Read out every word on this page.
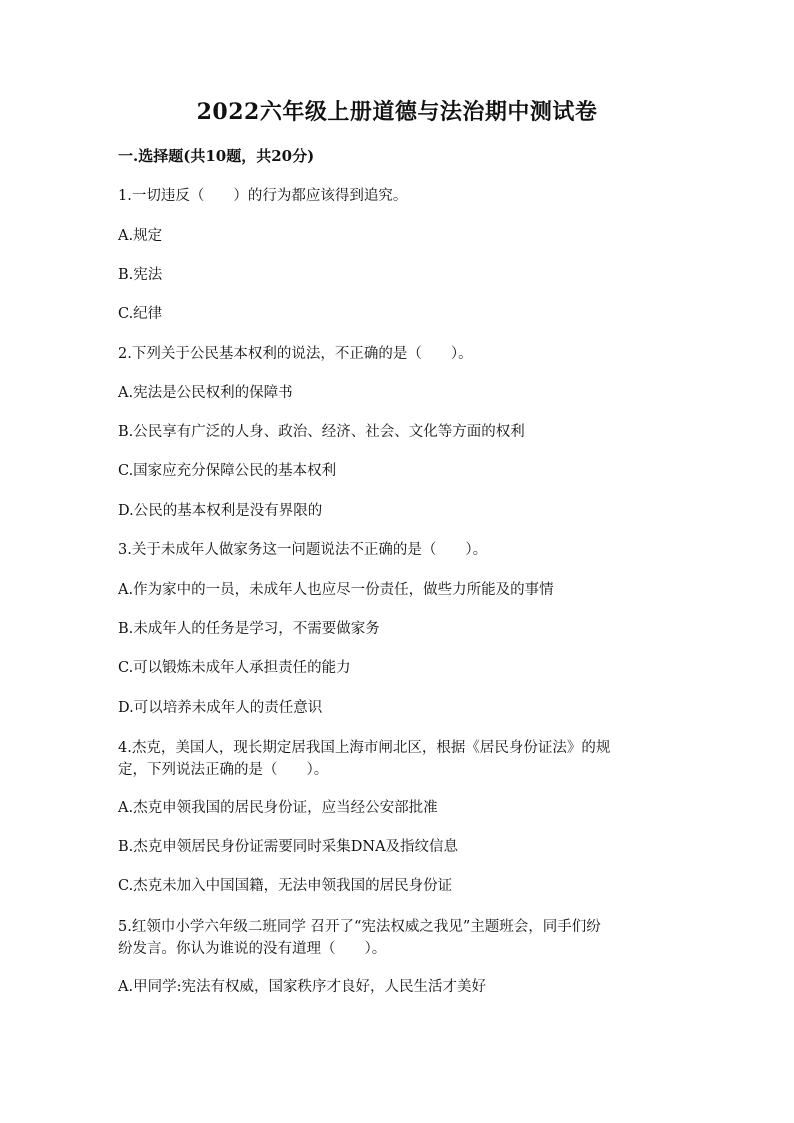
2022六年级上册道德与法治期中测试卷
一.选择题(共10题，共20分)
1.一切违反（　　）的行为都应该得到追究。
A.规定
B.宪法
C.纪律
2.下列关于公民基本权利的说法，不正确的是（　　）。
A.宪法是公民权利的保障书
B.公民享有广泛的人身、政治、经济、社会、文化等方面的权利
C.国家应充分保障公民的基本权利
D.公民的基本权利是没有界限的
3.关于未成年人做家务这一问题说法不正确的是（　　）。
A.作为家中的一员，未成年人也应尽一份责任，做些力所能及的事情
B.未成年人的任务是学习，不需要做家务
C.可以锻炼未成年人承担责任的能力
D.可以培养未成年人的责任意识
4.杰克，美国人，现长期定居我国上海市闸北区，根据《居民身份证法》的规
定，下列说法正确的是（　　）。
A.杰克申领我国的居民身份证，应当经公安部批准
B.杰克申领居民身份证需要同时采集DNA及指纹信息
C.杰克未加入中国国籍，无法申领我国的居民身份证
5.红领巾小学六年级二班同学 召开了“宪法权威之我见”主题班会，同手们纷
纷发言。你认为谁说的没有道理（　　）。
A.甲同学:宪法有权威，国家秩序才良好，人民生活才美好
